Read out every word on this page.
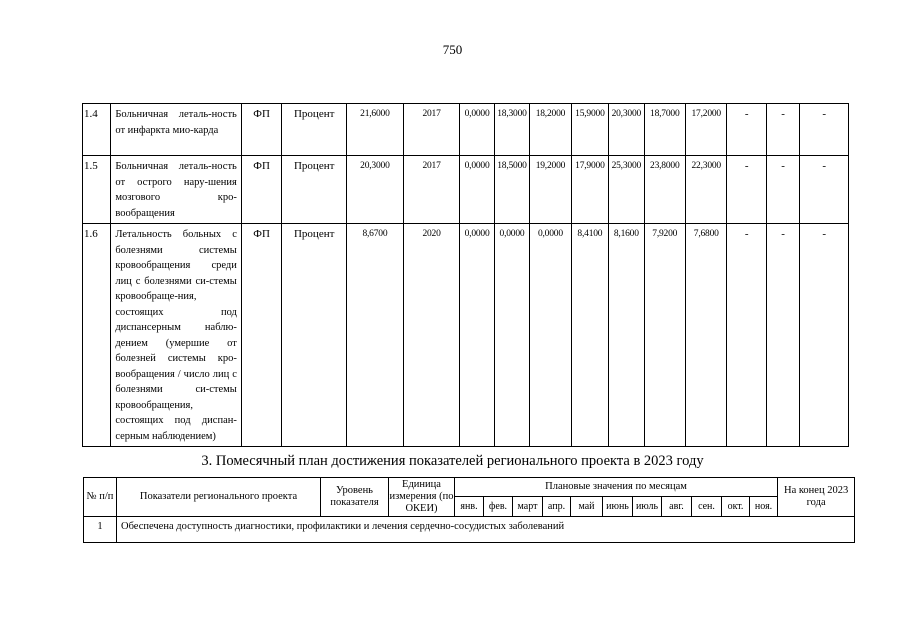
750
1.4	Больничная леталь-​ность от инфаркта мио-​карда	ФП	Процент	21,6000	2017	0,0000	18,3000	18,2000	15,9000	20,3000	18,7000	17,2000	-	-	-
1.5	Больничная леталь-​ность от острого нару-​шения мозгового кро-​вообращения	ФП	Процент	20,3000	2017	0,0000	18,5000	19,2000	17,9000	25,3000	23,8000	22,3000	-	-	-
1.6	Летальность больных с болезнями системы кровообращения среди лиц с болезнями си-​стемы кровообраще-​ния, состоящих под диспансерным наблю-​дением (умершие от болезней системы кро-​вообращения / число лиц с болезнями си-​стемы кровообращения, состоящих под диспан-​серным наблюдением)	ФП	Процент	8,6700	2020	0,0000	0,0000	0,0000	8,4100	8,1600	7,9200	7,6800	-	-	-
3. Помесячный план достижения показателей регионального проекта в 2023 году
№ п/п	Показатели регионального проекта	Уровень показателя	Единица измерения (по ОКЕИ)	Плановые значения по месяцам											На конец 2023 года
				янв.	фев.	март	апр.	май	июнь	июль	авг.	сен.	окт.	ноя.	
1	Обеспечена доступность диагностики, профилактики и лечения сердечно-сосудистых заболеваний														
